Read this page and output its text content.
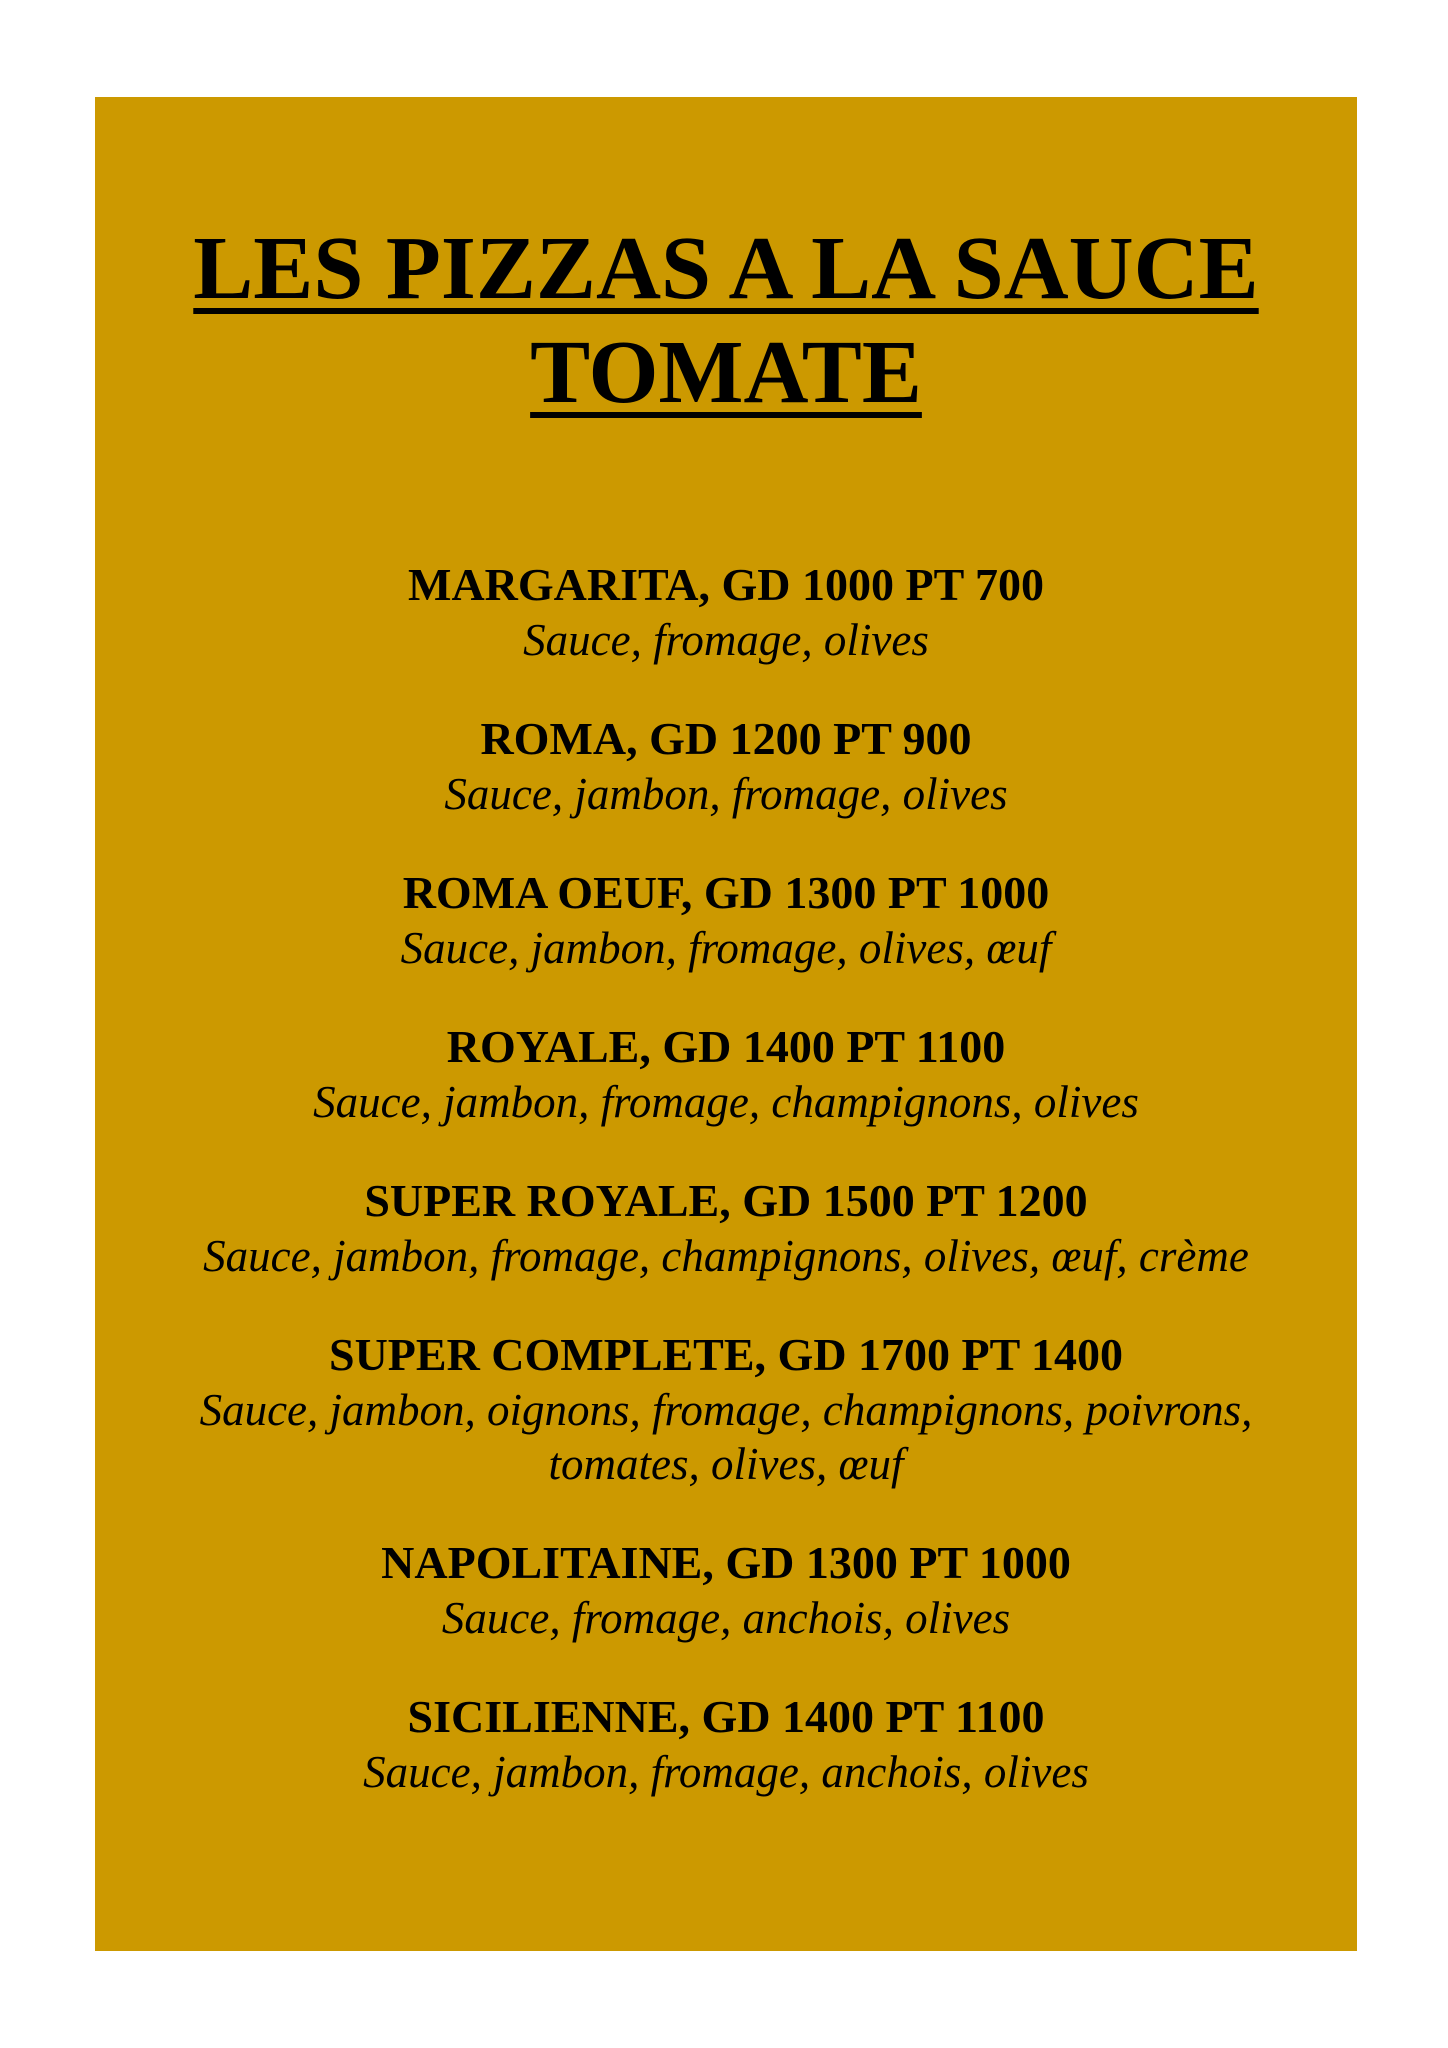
LES PIZZAS A LA SAUCE
TOMATE
MARGARITA, GD 1000 PT 700
Sauce, fromage, olives
ROMA, GD 1200 PT 900
Sauce, jambon, fromage, olives
ROMA OEUF, GD 1300 PT 1000
Sauce, jambon, fromage, olives, œuf
ROYALE, GD 1400 PT 1100
Sauce, jambon, fromage, champignons, olives
SUPER ROYALE, GD 1500 PT 1200
Sauce, jambon, fromage, champignons, olives, œuf, crème
SUPER COMPLETE, GD 1700 PT 1400
Sauce, jambon, oignons, fromage, champignons, poivrons, tomates, olives, œuf
NAPOLITAINE, GD 1300 PT 1000
Sauce, fromage, anchois, olives
SICILIENNE, GD 1400 PT 1100
Sauce, jambon, fromage, anchois, olives
